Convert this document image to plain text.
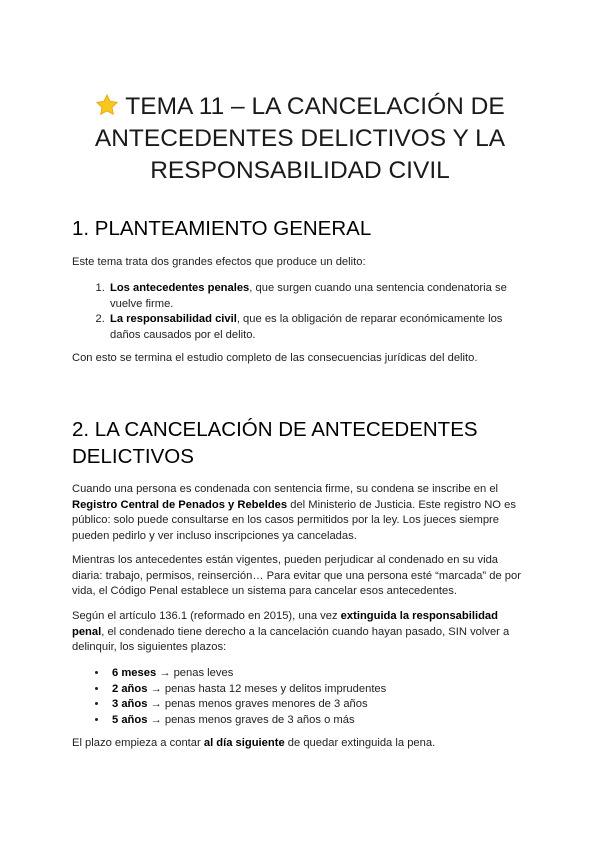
TEMA 11 – LA CANCELACIÓN DE ANTECEDENTES DELICTIVOS Y LA RESPONSABILIDAD CIVIL
1. PLANTEAMIENTO GENERAL

Este tema trata dos grandes efectos que produce un delito:

1. Los antecedentes penales, que surgen cuando una sentencia condenatoria se vuelve firme.
2. La responsabilidad civil, que es la obligación de reparar económicamente los daños causados por el delito.

Con esto se termina el estudio completo de las consecuencias jurídicas del delito.

2. LA CANCELACIÓN DE ANTECEDENTES DELICTIVOS

Cuando una persona es condenada con sentencia firme, su condena se inscribe en el Registro Central de Penados y Rebeldes del Ministerio de Justicia. Este registro NO es público: solo puede consultarse en los casos permitidos por la ley. Los jueces siempre pueden pedirlo y ver incluso inscripciones ya canceladas.

Mientras los antecedentes están vigentes, pueden perjudicar al condenado en su vida diaria: trabajo, permisos, reinserción… Para evitar que una persona esté “marcada” de por vida, el Código Penal establece un sistema para cancelar esos antecedentes.

Según el artículo 136.1 (reformado en 2015), una vez extinguida la responsabilidad penal, el condenado tiene derecho a la cancelación cuando hayan pasado, SIN volver a delinquir, los siguientes plazos:

• 6 meses → penas leves
• 2 años → penas hasta 12 meses y delitos imprudentes
• 3 años → penas menos graves menores de 3 años
• 5 años → penas menos graves de 3 años o más

El plazo empieza a contar al día siguiente de quedar extinguida la pena.
